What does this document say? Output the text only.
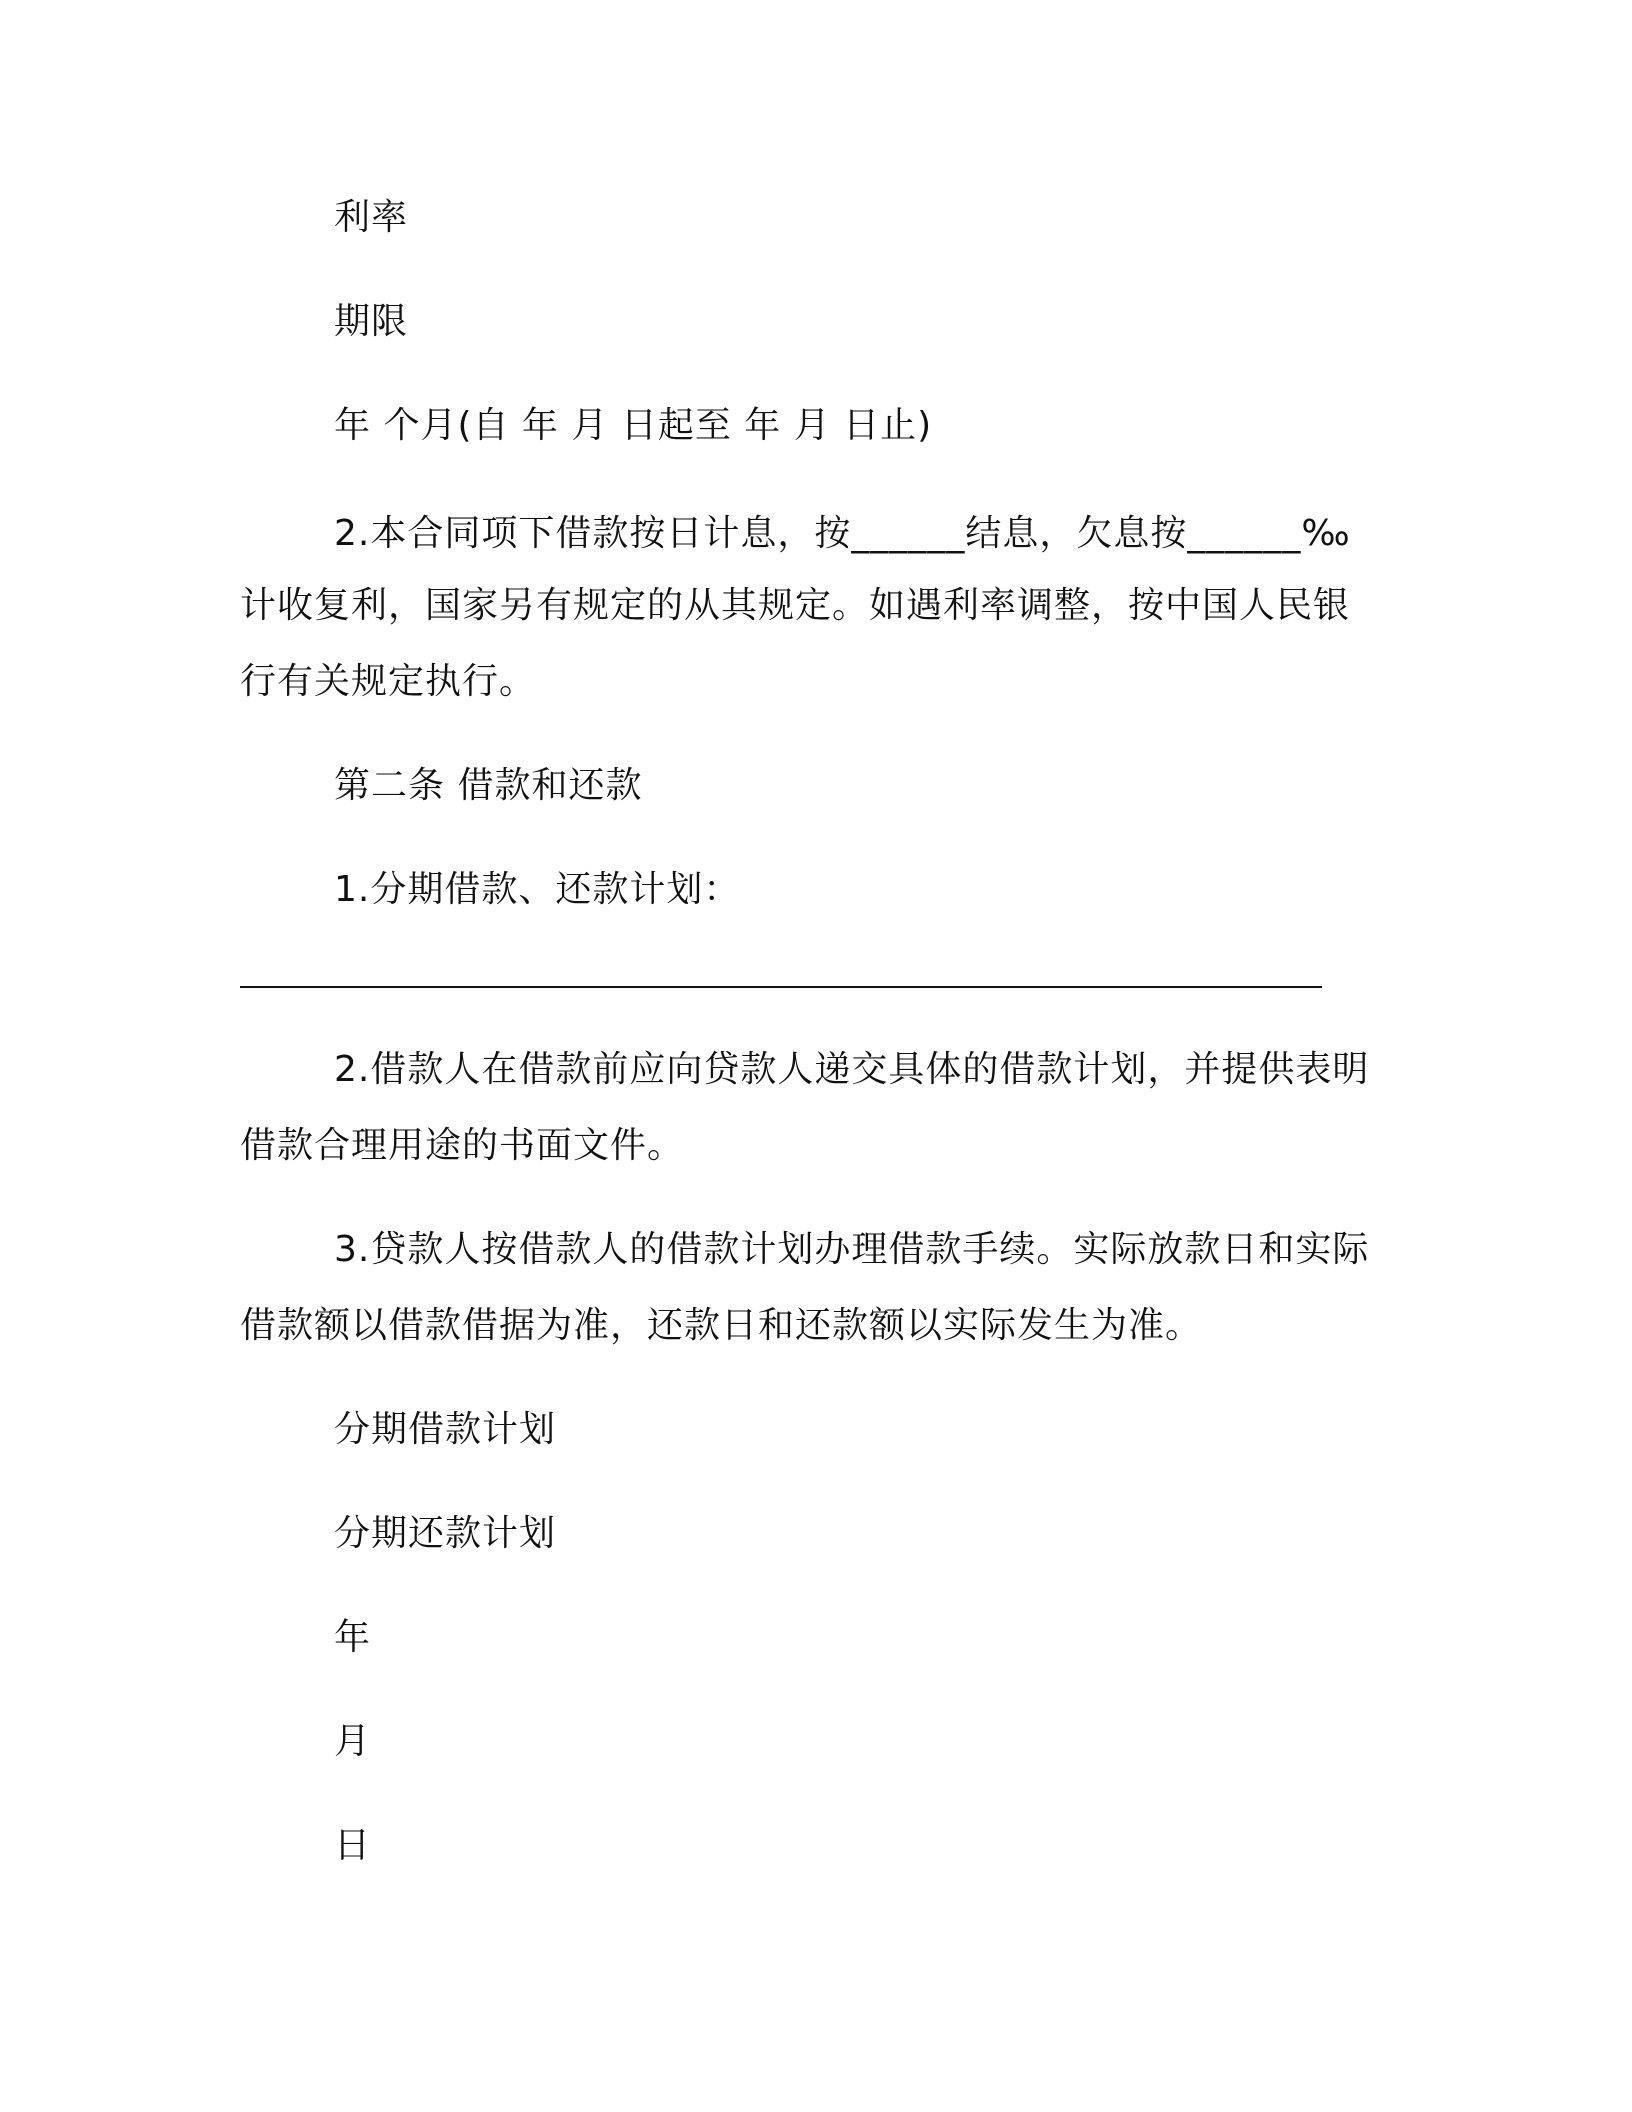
利率
期限
年 个月(自 年 月 日起至 年 月 日止)
2.本合同项下借款按日计息，按______结息，欠息按______‰
计收复利，国家另有规定的从其规定。如遇利率调整，按中国人民银
行有关规定执行。
第二条 借款和还款
1.分期借款、还款计划：
2.借款人在借款前应向贷款人递交具体的借款计划，并提供表明
借款合理用途的书面文件。
3.贷款人按借款人的借款计划办理借款手续。实际放款日和实际
借款额以借款借据为准，还款日和还款额以实际发生为准。
分期借款计划
分期还款计划
年
月
日
